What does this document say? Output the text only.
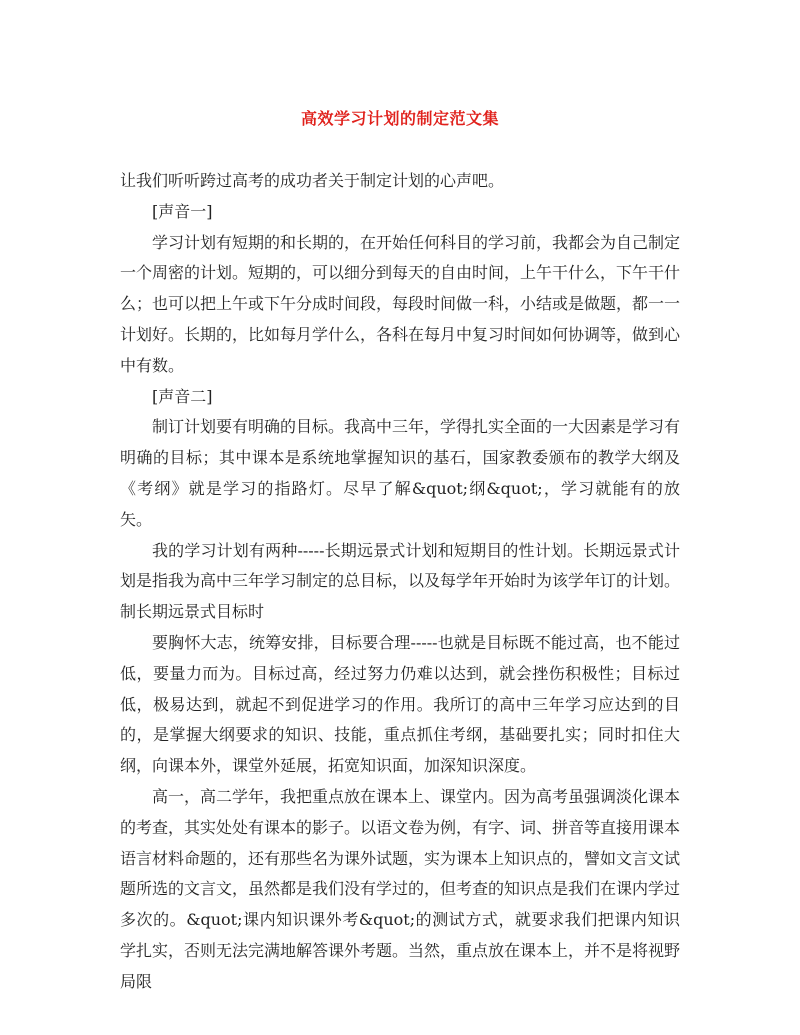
高效学习计划的制定范文集

让我们听听跨过高考的成功者关于制定计划的心声吧。

[声音一]

学习计划有短期的和长期的，在开始任何科目的学习前，我都会为自己制定一个周密的计划。短期的，可以细分到每天的自由时间，上午干什么，下午干什么；也可以把上午或下午分成时间段，每段时间做一科，小结或是做题，都一一计划好。长期的，比如每月学什么，各科在每月中复习时间如何协调等，做到心中有数。

[声音二]

制订计划要有明确的目标。我高中三年，学得扎实全面的一大因素是学习有明确的目标；其中课本是系统地掌握知识的基石，国家教委颁布的教学大纲及《考纲》就是学习的指路灯。尽早了解&quot;纲&quot;，学习就能有的放矢。

我的学习计划有两种-----长期远景式计划和短期目的性计划。长期远景式计划是指我为高中三年学习制定的总目标，以及每学年开始时为该学年订的计划。制长期远景式目标时

要胸怀大志，统筹安排，目标要合理-----也就是目标既不能过高，也不能过低，要量力而为。目标过高，经过努力仍难以达到，就会挫伤积极性；目标过低，极易达到，就起不到促进学习的作用。我所订的高中三年学习应达到的目的，是掌握大纲要求的知识、技能，重点抓住考纲，基础要扎实；同时扣住大纲，向课本外，课堂外延展，拓宽知识面，加深知识深度。

高一，高二学年，我把重点放在课本上、课堂内。因为高考虽强调淡化课本的考查，其实处处有课本的影子。以语文卷为例，有字、词、拼音等直接用课本语言材料命题的，还有那些名为课外试题，实为课本上知识点的，譬如文言文试题所选的文言文，虽然都是我们没有学过的，但考查的知识点是我们在课内学过多次的。&quot;课内知识课外考&quot;的测试方式，就要求我们把课内知识学扎实，否则无法完满地解答课外考题。当然，重点放在课本上，并不是将视野局限
